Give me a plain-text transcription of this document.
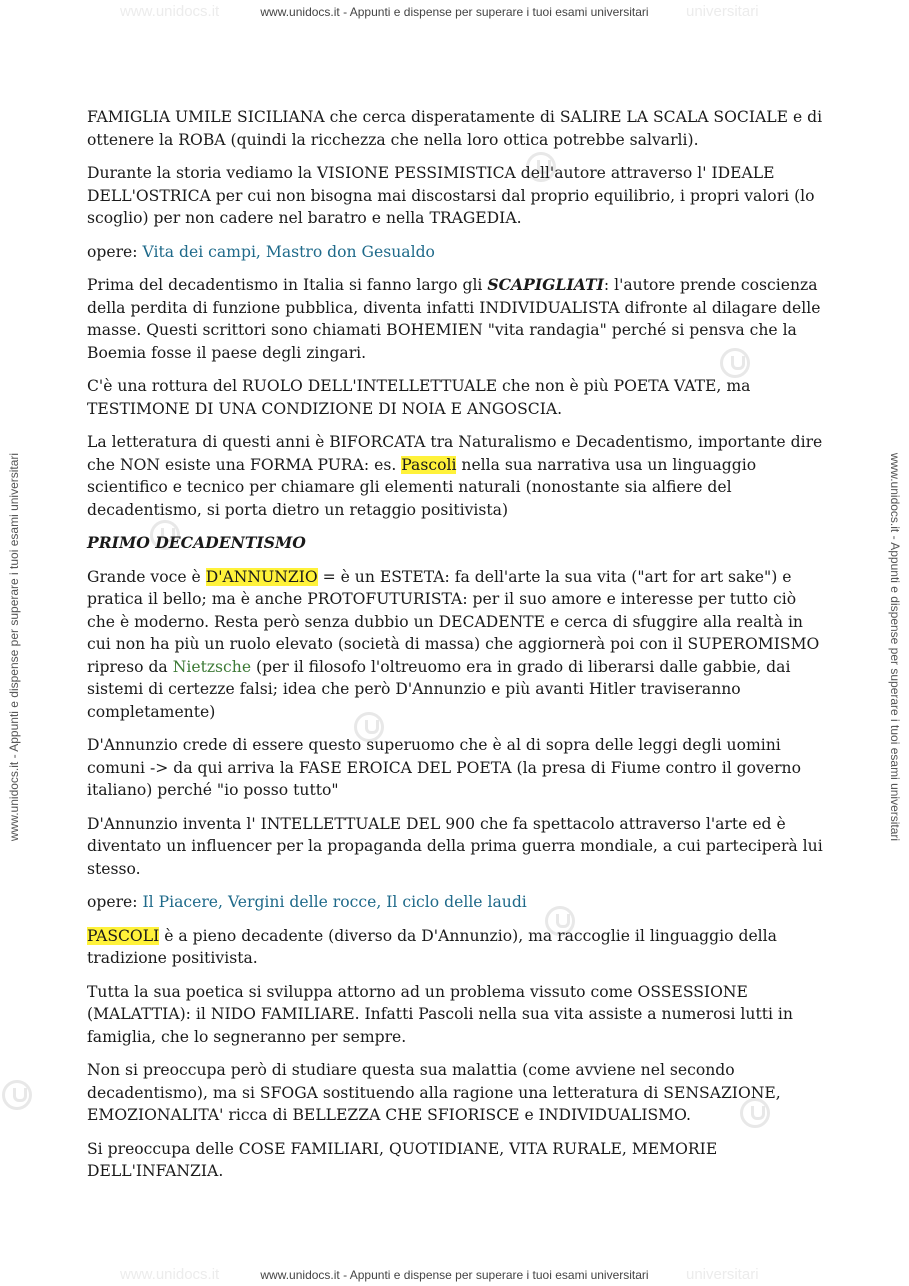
www.unidocs.it	universitari
www.unidocs.it - Appunti e dispense per superare i tuoi esami universitari
www.unidocs.it	universitari
www.unidocs.it - Appunti e dispense per superare i tuoi esami universitari
www.unidocs.it - Appunti e dispense per superare i tuoi esami universitari	www.unidocs.it - Appunti e dispense per superare i tuoi esami universitari

FAMIGLIA UMILE SICILIANA che cerca disperatamente di SALIRE LA SCALA SOCIALE e di ottenere la ROBA (quindi la ricchezza che nella loro ottica potrebbe salvarli).

Durante la storia vediamo la VISIONE PESSIMISTICA dell'autore attraverso l' IDEALE DELL'OSTRICA per cui non bisogna mai discostarsi dal proprio equilibrio, i propri valori (lo scoglio) per non cadere nel baratro e nella TRAGEDIA.

opere: Vita dei campi, Mastro don Gesualdo

Prima del decadentismo in Italia si fanno largo gli SCAPIGLIATI: l'autore prende coscienza della perdita di funzione pubblica, diventa infatti INDIVIDUALISTA difronte al dilagare delle masse. Questi scrittori sono chiamati BOHEMIEN "vita randagia" perché si pensva che la Boemia fosse il paese degli zingari.

C'è una rottura del RUOLO DELL'INTELLETTUALE che non è più POETA VATE, ma TESTIMONE DI UNA CONDIZIONE DI NOIA E ANGOSCIA.

La letteratura di questi anni è BIFORCATA tra Naturalismo e Decadentismo, importante dire che NON esiste una FORMA PURA: es. Pascoli nella sua narrativa usa un linguaggio scientifico e tecnico per chiamare gli elementi naturali (nonostante sia alfiere del decadentismo, si porta dietro un retaggio positivista)

PRIMO DECADENTISMO

Grande voce è D'ANNUNZIO = è un ESTETA: fa dell'arte la sua vita ("art for art sake") e pratica il bello; ma è anche PROTOFUTURISTA: per il suo amore e interesse per tutto ciò che è moderno. Resta però senza dubbio un DECADENTE e cerca di sfuggire alla realtà in cui non ha più un ruolo elevato (società di massa) che aggiornerà poi con il SUPEROMISMO ripreso da Nietzsche (per il filosofo l'oltreuomo era in grado di liberarsi dalle gabbie, dai sistemi di certezze falsi; idea che però D'Annunzio e più avanti Hitler traviseranno completamente)

D'Annunzio crede di essere questo superuomo che è al di sopra delle leggi degli uomini comuni -> da qui arriva la FASE EROICA DEL POETA (la presa di Fiume contro il governo italiano) perché "io posso tutto"

D'Annunzio inventa l' INTELLETTUALE DEL 900 che fa spettacolo attraverso l'arte ed è diventato un influencer per la propaganda della prima guerra mondiale, a cui parteciperà lui stesso.

opere: Il Piacere, Vergini delle rocce, Il ciclo delle laudi

PASCOLI è a pieno decadente (diverso da D'Annunzio), ma raccoglie il linguaggio della tradizione positivista.

Tutta la sua poetica si sviluppa attorno ad un problema vissuto come OSSESSIONE (MALATTIA): il NIDO FAMILIARE. Infatti Pascoli nella sua vita assiste a numerosi lutti in famiglia, che lo segneranno per sempre.

Non si preoccupa però di studiare questa sua malattia (come avviene nel secondo decadentismo), ma si SFOGA sostituendo alla ragione una letteratura di SENSAZIONE, EMOZIONALITA' ricca di BELLEZZA CHE SFIORISCE e INDIVIDUALISMO.

Si preoccupa delle COSE FAMILIARI, QUOTIDIANE, VITA RURALE, MEMORIE DELL'INFANZIA.
